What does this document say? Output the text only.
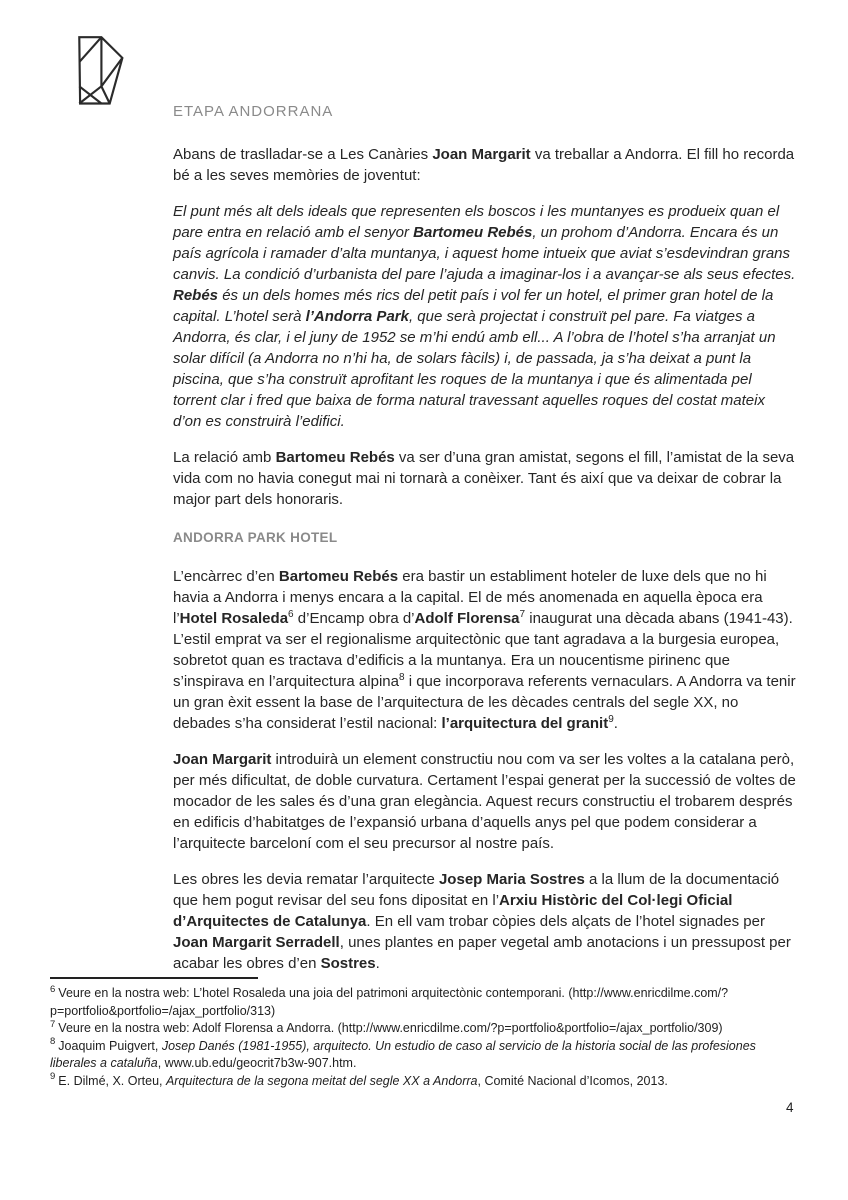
ETAPA ANDORRANA

Abans de traslladar-se a Les Canàries Joan Margarit va treballar a Andorra. El fill ho recorda bé a les seves memòries de joventut:

El punt més alt dels ideals que representen els boscos i les muntanyes es produeix quan el pare entra en relació amb el senyor Bartomeu Rebés, un prohom d’Andorra. Encara és un país agrícola i ramader d’alta muntanya, i aquest home intueix que aviat s’esdevindran grans canvis. La condició d’urbanista del pare l’ajuda a imaginar-los i a avançar-se als seus efectes. Rebés és un dels homes més rics del petit país i vol fer un hotel, el primer gran hotel de la capital. L’hotel serà l’Andorra Park, que serà projectat i construït pel pare. Fa viatges a Andorra, és clar, i el juny de 1952 se m’hi endú amb ell... A l’obra de l’hotel s’ha arranjat un solar difícil (a Andorra no n’hi ha, de solars fàcils) i, de passada, ja s’ha deixat a punt la piscina, que s’ha construït aprofitant les roques de la muntanya i que és alimentada pel torrent clar i fred que baixa de forma natural travessant aquelles roques del costat mateix d’on es construirà l’edifici.

La relació amb Bartomeu Rebés va ser d’una gran amistat, segons el fill, l’amistat de la seva vida com no havia conegut mai ni tornarà a conèixer. Tant és així que va deixar de cobrar la major part dels honoraris.

ANDORRA PARK HOTEL

L’encàrrec d’en Bartomeu Rebés era bastir un establiment hoteler de luxe dels que no hi havia a Andorra i menys encara a la capital. El de més anomenada en aquella època era l’Hotel Rosaleda$^6$ d’Encamp obra d’Adolf Florensa$^7$ inaugurat una dècada abans (1941-43). L’estil emprat va ser el regionalisme arquitectònic que tant agradava a la burgesia europea, sobretot quan es tractava d’edificis a la muntanya. Era un noucentisme pirinenc que s’inspirava en l’arquitectura alpina$^8$ i que incorporava referents vernaculars. A Andorra va tenir un gran èxit essent la base de l’arquitectura de les dècades centrals del segle XX, no debades s’ha considerat l’estil nacional: l’arquitectura del granit$^9$.

Joan Margarit introduirà un element constructiu nou com va ser les voltes a la catalana però, per més dificultat, de doble curvatura. Certament l’espai generat per la successió de voltes de mocador de les sales és d’una gran elegància. Aquest recurs constructiu el trobarem després en edificis d’habitatges de l’expansió urbana d’aquells anys pel que podem considerar a l’arquitecte barceloní com el seu precursor al nostre país.

Les obres les devia rematar l’arquitecte Josep Maria Sostres a la llum de la documentació que hem pogut revisar del seu fons dipositat en l’Arxiu Històric del Col·legi Oficial d’Arquitectes de Catalunya. En ell vam trobar còpies dels alçats de l’hotel signades per Joan Margarit Serradell, unes plantes en paper vegetal amb anotacions i un pressupost per acabar les obres d’en Sostres.

$^6$ Veure en la nostra web: L’hotel Rosaleda una joia del patrimoni arquitectònic contemporani. (http://www.enricdilme.com/?p=portfolio&portfolio=/ajax_portfolio/313)
$^7$ Veure en la nostra web: Adolf Florensa a Andorra. (http://www.enricdilme.com/?p=portfolio&portfolio=/ajax_portfolio/309)
$^8$ Joaquim Puigvert, Josep Danés (1981-1955), arquitecto. Un estudio de caso al servicio de la historia social de las profesiones liberales a cataluña, www.ub.edu/geocrit7b3w-907.htm.
$^9$ E. Dilmé, X. Orteu, Arquitectura de la segona meitat del segle XX a Andorra, Comité Nacional d’Icomos, 2013.
4
